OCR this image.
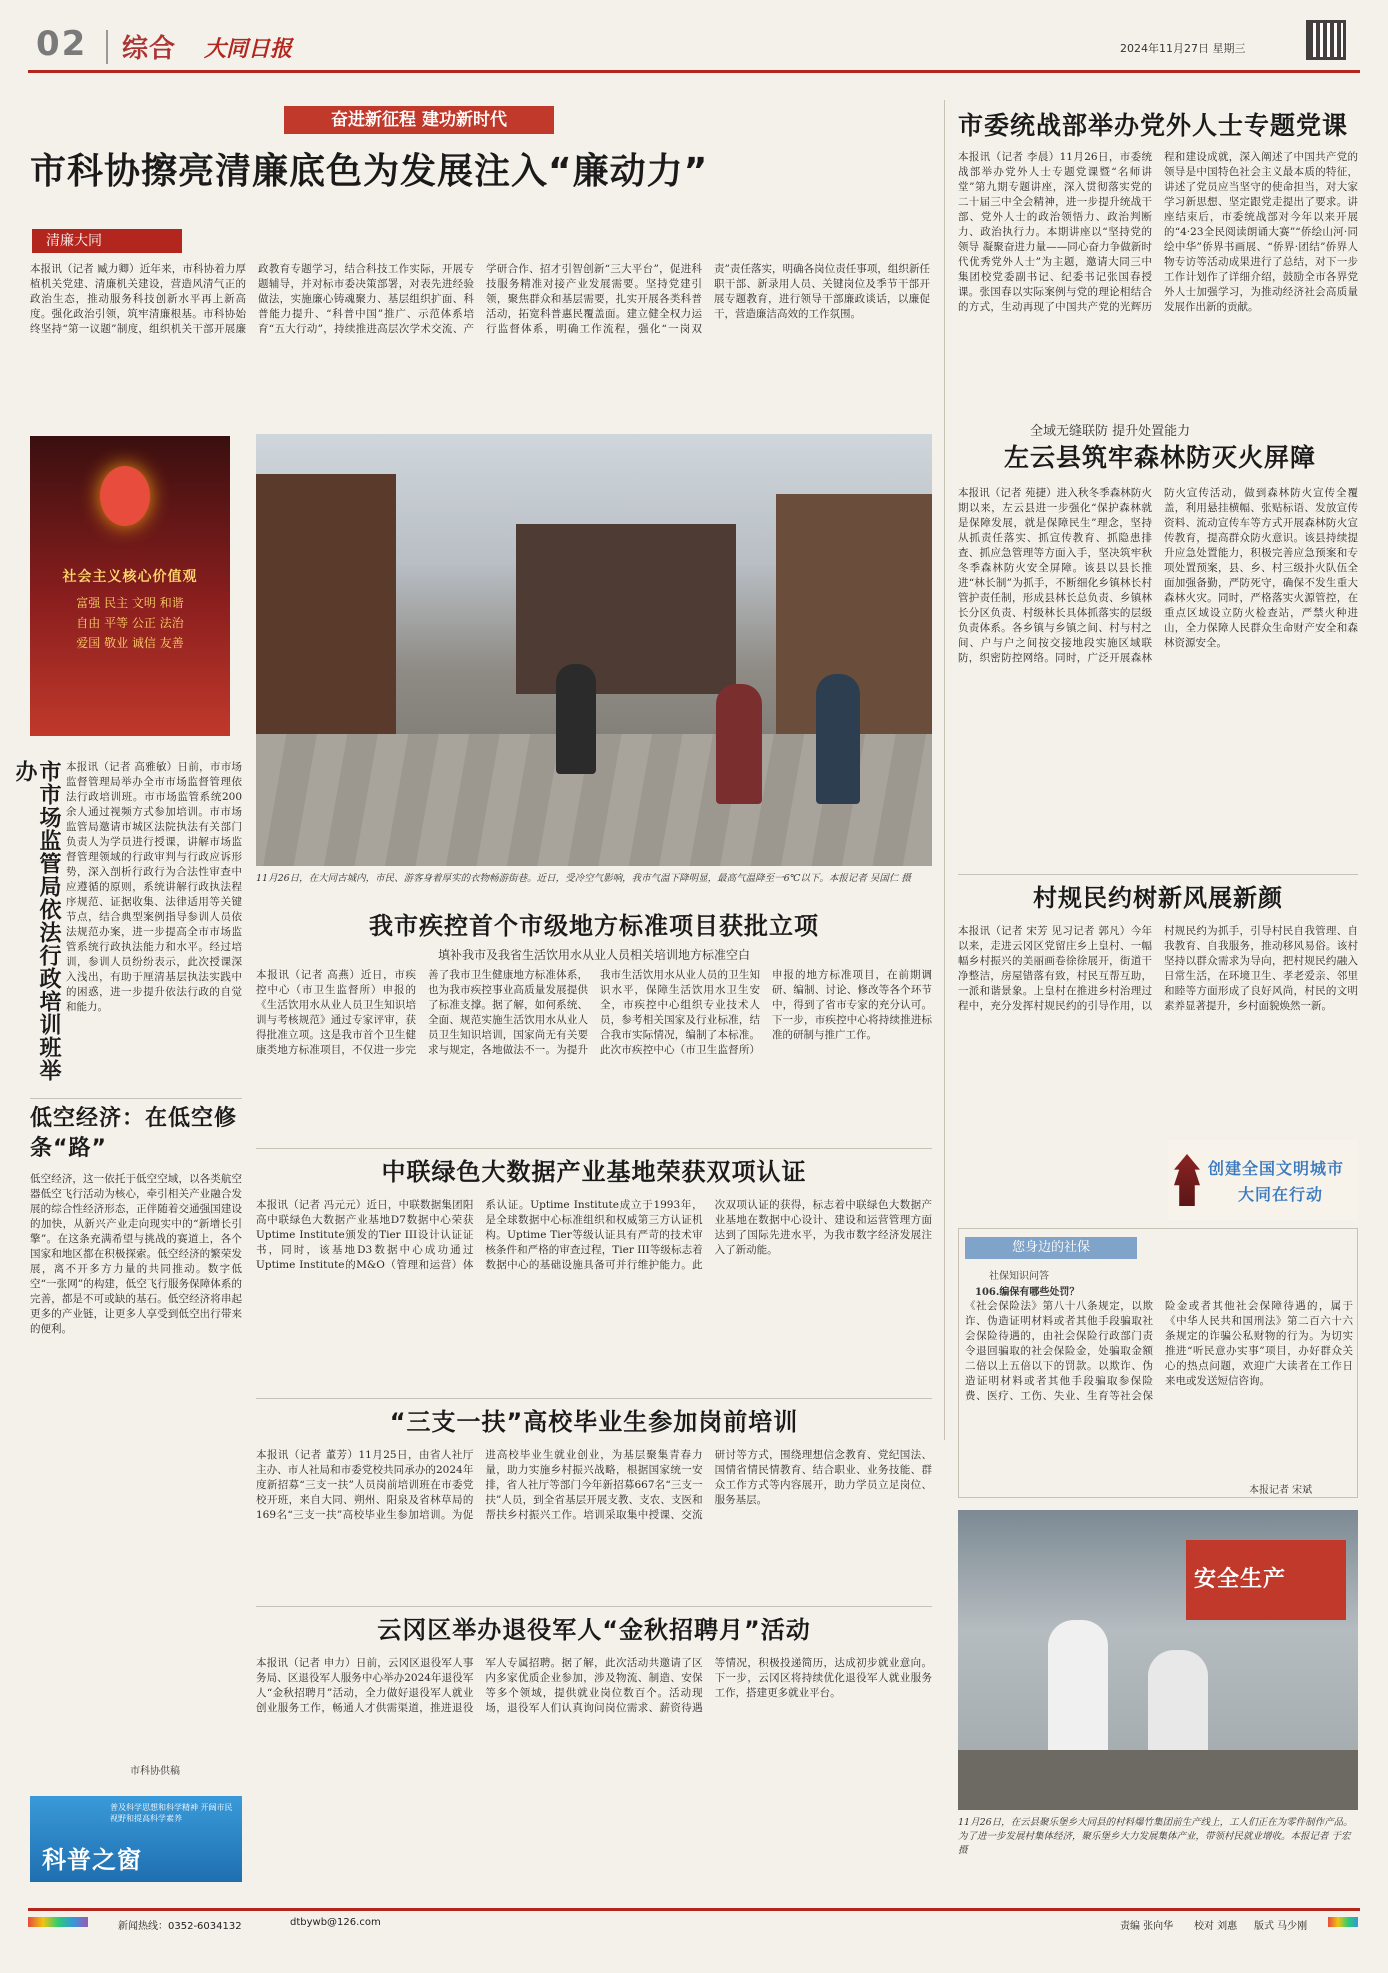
02 综合 大同日报	2024年11月27日 星期三
奋进新征程 建功新时代
市科协擦亮清廉底色为发展注入“廉动力”
清廉大同
本报讯（记者 臧力卿）近年来，市科协着力厚植机关党建、清廉机关建设，营造风清气正的政治生态，推动服务科技创新水平再上新高度。强化政治引领，筑牢清廉根基。市科协始终坚持“第一议题”制度，组织机关干部开展廉政教育专题学习，结合科技工作实际，开展专题辅导，并对标市委决策部署，对表先进经验做法，实施廉心铸魂聚力、基层组织扩面、科普能力提升、“科普中国”推广、示范体系培育“五大行动”，持续推进高层次学术交流、产学研合作、招才引智创新“三大平台”，促进科技服务精准对接产业发展需要。坚持党建引领，聚焦群众和基层需要，扎实开展各类科普活动，拓宽科普惠民覆盖面。建立健全权力运行监督体系，明确工作流程，强化“一岗双责”责任落实，明确各岗位责任事项，组织新任职干部、新录用人员、关键岗位及季节干部开展专题教育，进行领导干部廉政谈话，以廉促干，营造廉洁高效的工作氛围。
市委统战部举办党外人士专题党课
本报讯（记者 李晨）11月26日，市委统战部举办党外人士专题党课暨“名师讲堂”第九期专题讲座，深入贯彻落实党的二十届三中全会精神，进一步提升统战干部、党外人士的政治领悟力、政治判断力、政治执行力。本期讲座以“坚持党的领导 凝聚奋进力量——同心奋力争做新时代优秀党外人士”为主题，邀请大同三中集团校党委副书记、纪委书记张国春授课。张国春以实际案例与党的理论相结合的方式，生动再现了中国共产党的光辉历程和建设成就，深入阐述了中国共产党的领导是中国特色社会主义最本质的特征，讲述了党员应当坚守的使命担当，对大家学习新思想、坚定跟党走提出了要求。讲座结束后，市委统战部对今年以来开展的“4·23全民阅读朗诵大赛”“侨绘山河·同绘中华”侨界书画展、“侨界·团结”侨界人物专访等活动成果进行了总结，对下一步工作计划作了详细介绍，鼓励全市各界党外人士加强学习，为推动经济社会高质量发展作出新的贡献。
全域无缝联防 提升处置能力
左云县筑牢森林防灭火屏障
本报讯（记者 苑捷）进入秋冬季森林防火期以来，左云县进一步强化“保护森林就是保障发展，就是保障民生”理念，坚持从抓责任落实、抓宣传教育、抓隐患排查、抓应急管理等方面入手，坚决筑牢秋冬季森林防火安全屏障。该县以县长推进“林长制”为抓手，不断细化乡镇林长村管护责任制，形成县林长总负责、乡镇林长分区负责、村级林长具体抓落实的层级负责体系。各乡镇与乡镇之间、村与村之间、户与户之间按交接地段实施区域联防，织密防控网络。同时，广泛开展森林防火宣传活动，做到森林防火宣传全覆盖，利用悬挂横幅、张贴标语、发放宣传资料、流动宣传车等方式开展森林防火宣传教育，提高群众防火意识。该县持续提升应急处置能力，积极完善应急预案和专项处置预案，县、乡、村三级扑火队伍全面加强备勤，严防死守，确保不发生重大森林火灾。同时，严格落实火源管控，在重点区域设立防火检查站，严禁火种进山，全力保障人民群众生命财产安全和森林资源安全。
社会主义核心价值观
富强 民主 文明 和谐
自由 平等 公正 法治
爱国 敬业 诚信 友善
11月26日，在大同古城内，市民、游客身着厚实的衣物畅游街巷。近日，受冷空气影响，我市气温下降明显，最高气温降至一6℃以下。本报记者 吴国仁 摄
市市场监管局依法行政培训班举办	本报讯（记者 高雅敏）日前，市市场监督管理局举办全市市场监督管理依法行政培训班。市市场监管系统200余人通过视频方式参加培训。市市场监管局邀请市城区法院执法有关部门负责人为学员进行授课，讲解市场监督管理领域的行政审判与行政应诉形势，深入剖析行政行为合法性审查中应遵循的原则，系统讲解行政执法程序规范、证据收集、法律适用等关键节点，结合典型案例指导参训人员依法规范办案，进一步提高全市市场监管系统行政执法能力和水平。经过培训，参训人员纷纷表示，此次授课深入浅出，有助于厘清基层执法实践中的困惑，进一步提升依法行政的自觉和能力。
我市疾控首个市级地方标准项目获批立项
填补我市及我省生活饮用水从业人员相关培训地方标准空白
本报讯（记者 高燕）近日，市疾控中心（市卫生监督所）申报的《生活饮用水从业人员卫生知识培训与考核规范》通过专家评审，获得批准立项。这是我市首个卫生健康类地方标准项目，不仅进一步完善了我市卫生健康地方标准体系，也为我市疾控事业高质量发展提供了标准支撑。据了解，如何系统、全面、规范实施生活饮用水从业人员卫生知识培训，国家尚无有关要求与规定，各地做法不一。为提升我市生活饮用水从业人员的卫生知识水平，保障生活饮用水卫生安全，市疾控中心组织专业技术人员，参考相关国家及行业标准，结合我市实际情况，编制了本标准。此次市疾控中心（市卫生监督所）申报的地方标准项目，在前期调研、编制、讨论、修改等各个环节中，得到了省市专家的充分认可。下一步，市疾控中心将持续推进标准的研制与推广工作。
低空经济：在低空修条“路”
低空经济，这一依托于低空空域，以各类航空器低空飞行活动为核心，牵引相关产业融合发展的综合性经济形态，正伴随着交通强国建设的加快，从新兴产业走向现实中的“新增长引擎”。在这条充满希望与挑战的赛道上，各个国家和地区都在积极探索。低空经济的繁荣发展，离不开多方力量的共同推动。数字低空“一张网”的构建，低空飞行服务保障体系的完善，都是不可或缺的基石。低空经济将串起更多的产业链，让更多人享受到低空出行带来的便利。
市科协供稿
普及科学思想和科学精神 开阔市民视野和提高科学素养
科普之窗
中联绿色大数据产业基地荣获双项认证
本报讯（记者 冯元元）近日，中联数据集团阳高中联绿色大数据产业基地D7数据中心荣获Uptime Institute颁发的Tier III设计认证证书，同时，该基地D3数据中心成功通过Uptime Institute的M&O（管理和运营）体系认证。Uptime Institute成立于1993年，是全球数据中心标准组织和权威第三方认证机构。Uptime Tier等级认证具有严苛的技术审核条件和严格的审查过程，Tier III等级标志着数据中心的基础设施具备可并行维护能力。此次双项认证的获得，标志着中联绿色大数据产业基地在数据中心设计、建设和运营管理方面达到了国际先进水平，为我市数字经济发展注入了新动能。
“三支一扶”高校毕业生参加岗前培训
本报讯（记者 董芳）11月25日，由省人社厅主办、市人社局和市委党校共同承办的2024年度新招募“三支一扶”人员岗前培训班在市委党校开班，来自大同、朔州、阳泉及省林草局的169名“三支一扶”高校毕业生参加培训。为促进高校毕业生就业创业，为基层聚集青春力量，助力实施乡村振兴战略，根据国家统一安排，省人社厅等部门今年新招募667名“三支一扶”人员，到全省基层开展支教、支农、支医和帮扶乡村振兴工作。培训采取集中授课、交流研讨等方式，围绕理想信念教育、党纪国法、国情省情民情教育、结合职业、业务技能、群众工作方式等内容展开，助力学员立足岗位、服务基层。
云冈区举办退役军人“金秋招聘月”活动
本报讯（记者 申力）日前，云冈区退役军人事务局、区退役军人服务中心举办2024年退役军人“金秋招聘月”活动，全力做好退役军人就业创业服务工作，畅通人才供需渠道，推进退役军人专属招聘。据了解，此次活动共邀请了区内多家优质企业参加，涉及物流、制造、安保等多个领域，提供就业岗位数百个。活动现场，退役军人们认真询问岗位需求、薪资待遇等情况，积极投递简历，达成初步就业意向。下一步，云冈区将持续优化退役军人就业服务工作，搭建更多就业平台。
村规民约树新风展新颜
本报讯（记者 宋芳 见习记者 郭凡）今年以来，走进云冈区党留庄乡上皇村、一幅幅乡村振兴的美丽画卷徐徐展开，街道干净整洁，房屋错落有致，村民互帮互助，一派和谐景象。上皇村在推进乡村治理过程中，充分发挥村规民约的引导作用，以村规民约为抓手，引导村民自我管理、自我教育、自我服务，推动移风易俗。该村坚持以群众需求为导向，把村规民约融入日常生活，在环境卫生、孝老爱亲、邻里和睦等方面形成了良好风尚，村民的文明素养显著提升，乡村面貌焕然一新。
创建全国文明城市
大同在行动
您身边的社保
社保知识问答
106.编保有哪些处罚？
《社会保险法》第八十八条规定，以欺诈、伪造证明材料或者其他手段骗取社会保险待遇的，由社会保险行政部门责令退回骗取的社会保险金，处骗取金额二倍以上五倍以下的罚款。以欺诈、伪造证明材料或者其他手段骗取参保险费、医疗、工伤、失业、生育等社会保险金或者其他社会保障待遇的，属于《中华人民共和国刑法》第二百六十六条规定的诈骗公私财物的行为。为切实推进“听民意办实事”项目，办好群众关心的热点问题，欢迎广大读者在工作日来电或发送短信咨询。
本报记者 宋斌
安全生产
11月26日，在云县聚乐堡乡大同县的村料爆竹集团前生产线上，工人们正在为零件制作产品。为了进一步发展村集体经济，聚乐堡乡大力发展集体产业，带领村民就业增收。本报记者 于宏摄
新闻热线：0352-6034132	dtbywb@126.com	责编 张向华 校对 刘惠 版式 马少刚
